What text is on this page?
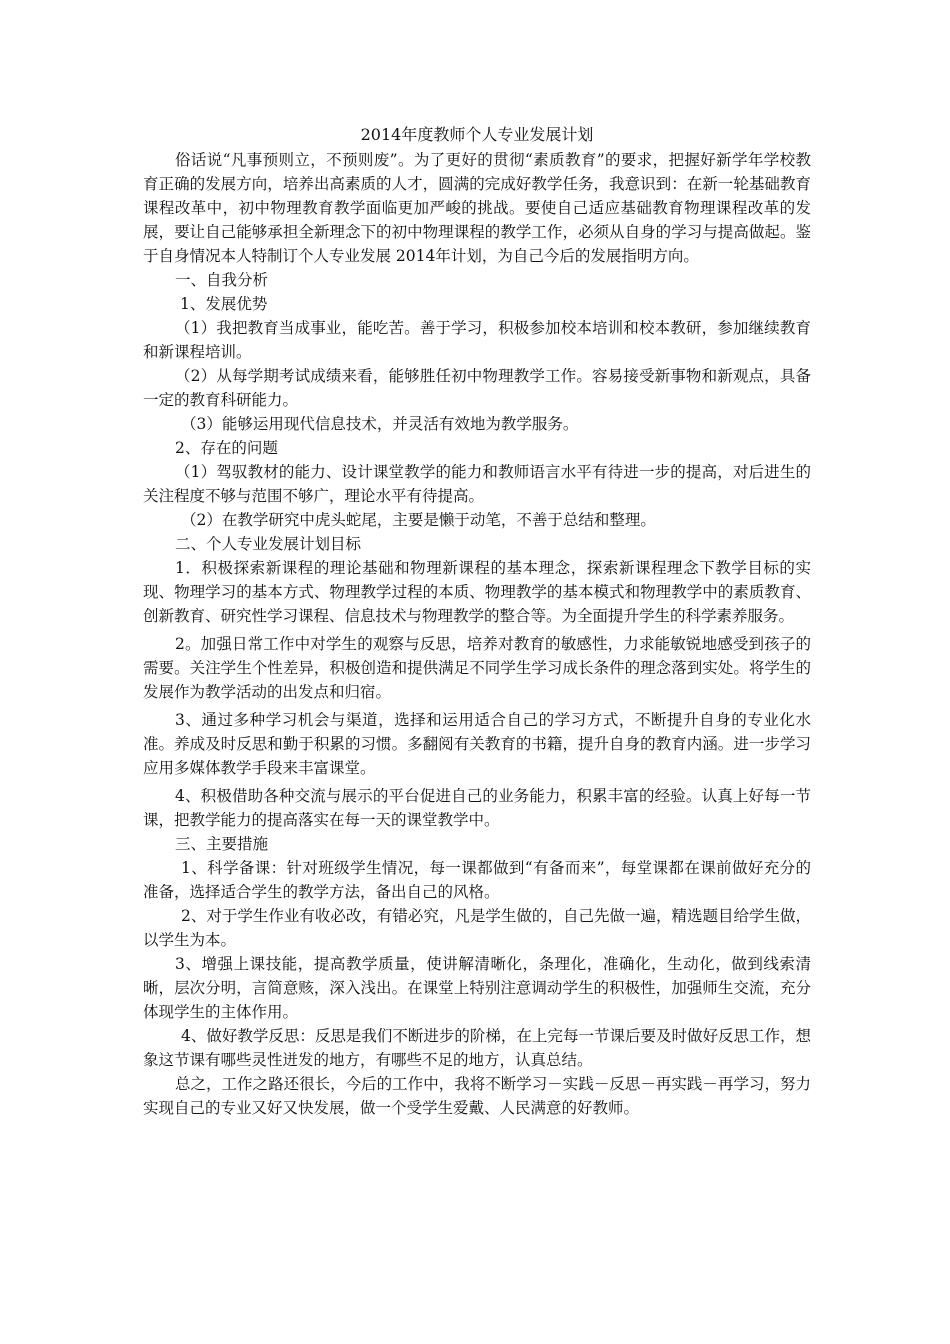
2014年度教师个人专业发展计划

俗话说“凡事预则立，不预则废”。为了更好的贯彻“素质教育”的要求，把握好新学年学校教育正确的发展方向，培养出高素质的人才，圆满的完成好教学任务，我意识到：在新一轮基础教育课程改革中，初中物理教育教学面临更加严峻的挑战。要使自己适应基础教育物理课程改革的发展，要让自己能够承担全新理念下的初中物理课程的教学工作，必须从自身的学习与提高做起。鉴于自身情况本人特制订个人专业发展 2014年计划，为自己今后的发展指明方向。

一、自我分析

1、发展优势

（1）我把教育当成事业，能吃苦。善于学习，积极参加校本培训和校本教研，参加继续教育和新课程培训。

（2）从每学期考试成绩来看，能够胜任初中物理教学工作。容易接受新事物和新观点，具备一定的教育科研能力。

（3）能够运用现代信息技术，并灵活有效地为教学服务。

2、存在的问题

（1）驾驭教材的能力、设计课堂教学的能力和教师语言水平有待进一步的提高，对后进生的关注程度不够与范围不够广，理论水平有待提高。

（2）在教学研究中虎头蛇尾，主要是懒于动笔，不善于总结和整理。

二、个人专业发展计划目标

1．积极探索新课程的理论基础和物理新课程的基本理念，探索新课程理念下教学目标的实现、物理学习的基本方式、物理教学过程的本质、物理教学的基本模式和物理教学中的素质教育、创新教育、研究性学习课程、信息技术与物理教学的整合等。为全面提升学生的科学素养服务。

2。加强日常工作中对学生的观察与反思，培养对教育的敏感性，力求能敏锐地感受到孩子的需要。关注学生个性差异，积极创造和提供满足不同学生学习成长条件的理念落到实处。将学生的发展作为教学活动的出发点和归宿。

3、通过多种学习机会与渠道，选择和运用适合自己的学习方式，不断提升自身的专业化水准。养成及时反思和勤于积累的习惯。多翻阅有关教育的书籍，提升自身的教育内涵。进一步学习应用多媒体教学手段来丰富课堂。

4、积极借助各种交流与展示的平台促进自己的业务能力，积累丰富的经验。认真上好每一节课，把教学能力的提高落实在每一天的课堂教学中。

三、主要措施

1、科学备课：针对班级学生情况，每一课都做到“有备而来”，每堂课都在课前做好充分的准备，选择适合学生的教学方法，备出自己的风格。

2、对于学生作业有收必改，有错必究，凡是学生做的，自己先做一遍，精选题目给学生做，以学生为本。

3、增强上课技能，提高教学质量，使讲解清晰化，条理化，准确化，生动化，做到线索清晰，层次分明，言简意赅，深入浅出。在课堂上特别注意调动学生的积极性，加强师生交流，充分体现学生的主体作用。

4、做好教学反思：反思是我们不断进步的阶梯，在上完每一节课后要及时做好反思工作，想象这节课有哪些灵性迸发的地方，有哪些不足的地方，认真总结。

总之，工作之路还很长，今后的工作中，我将不断学习－实践－反思－再实践－再学习，努力实现自己的专业又好又快发展，做一个受学生爱戴、人民满意的好教师。
